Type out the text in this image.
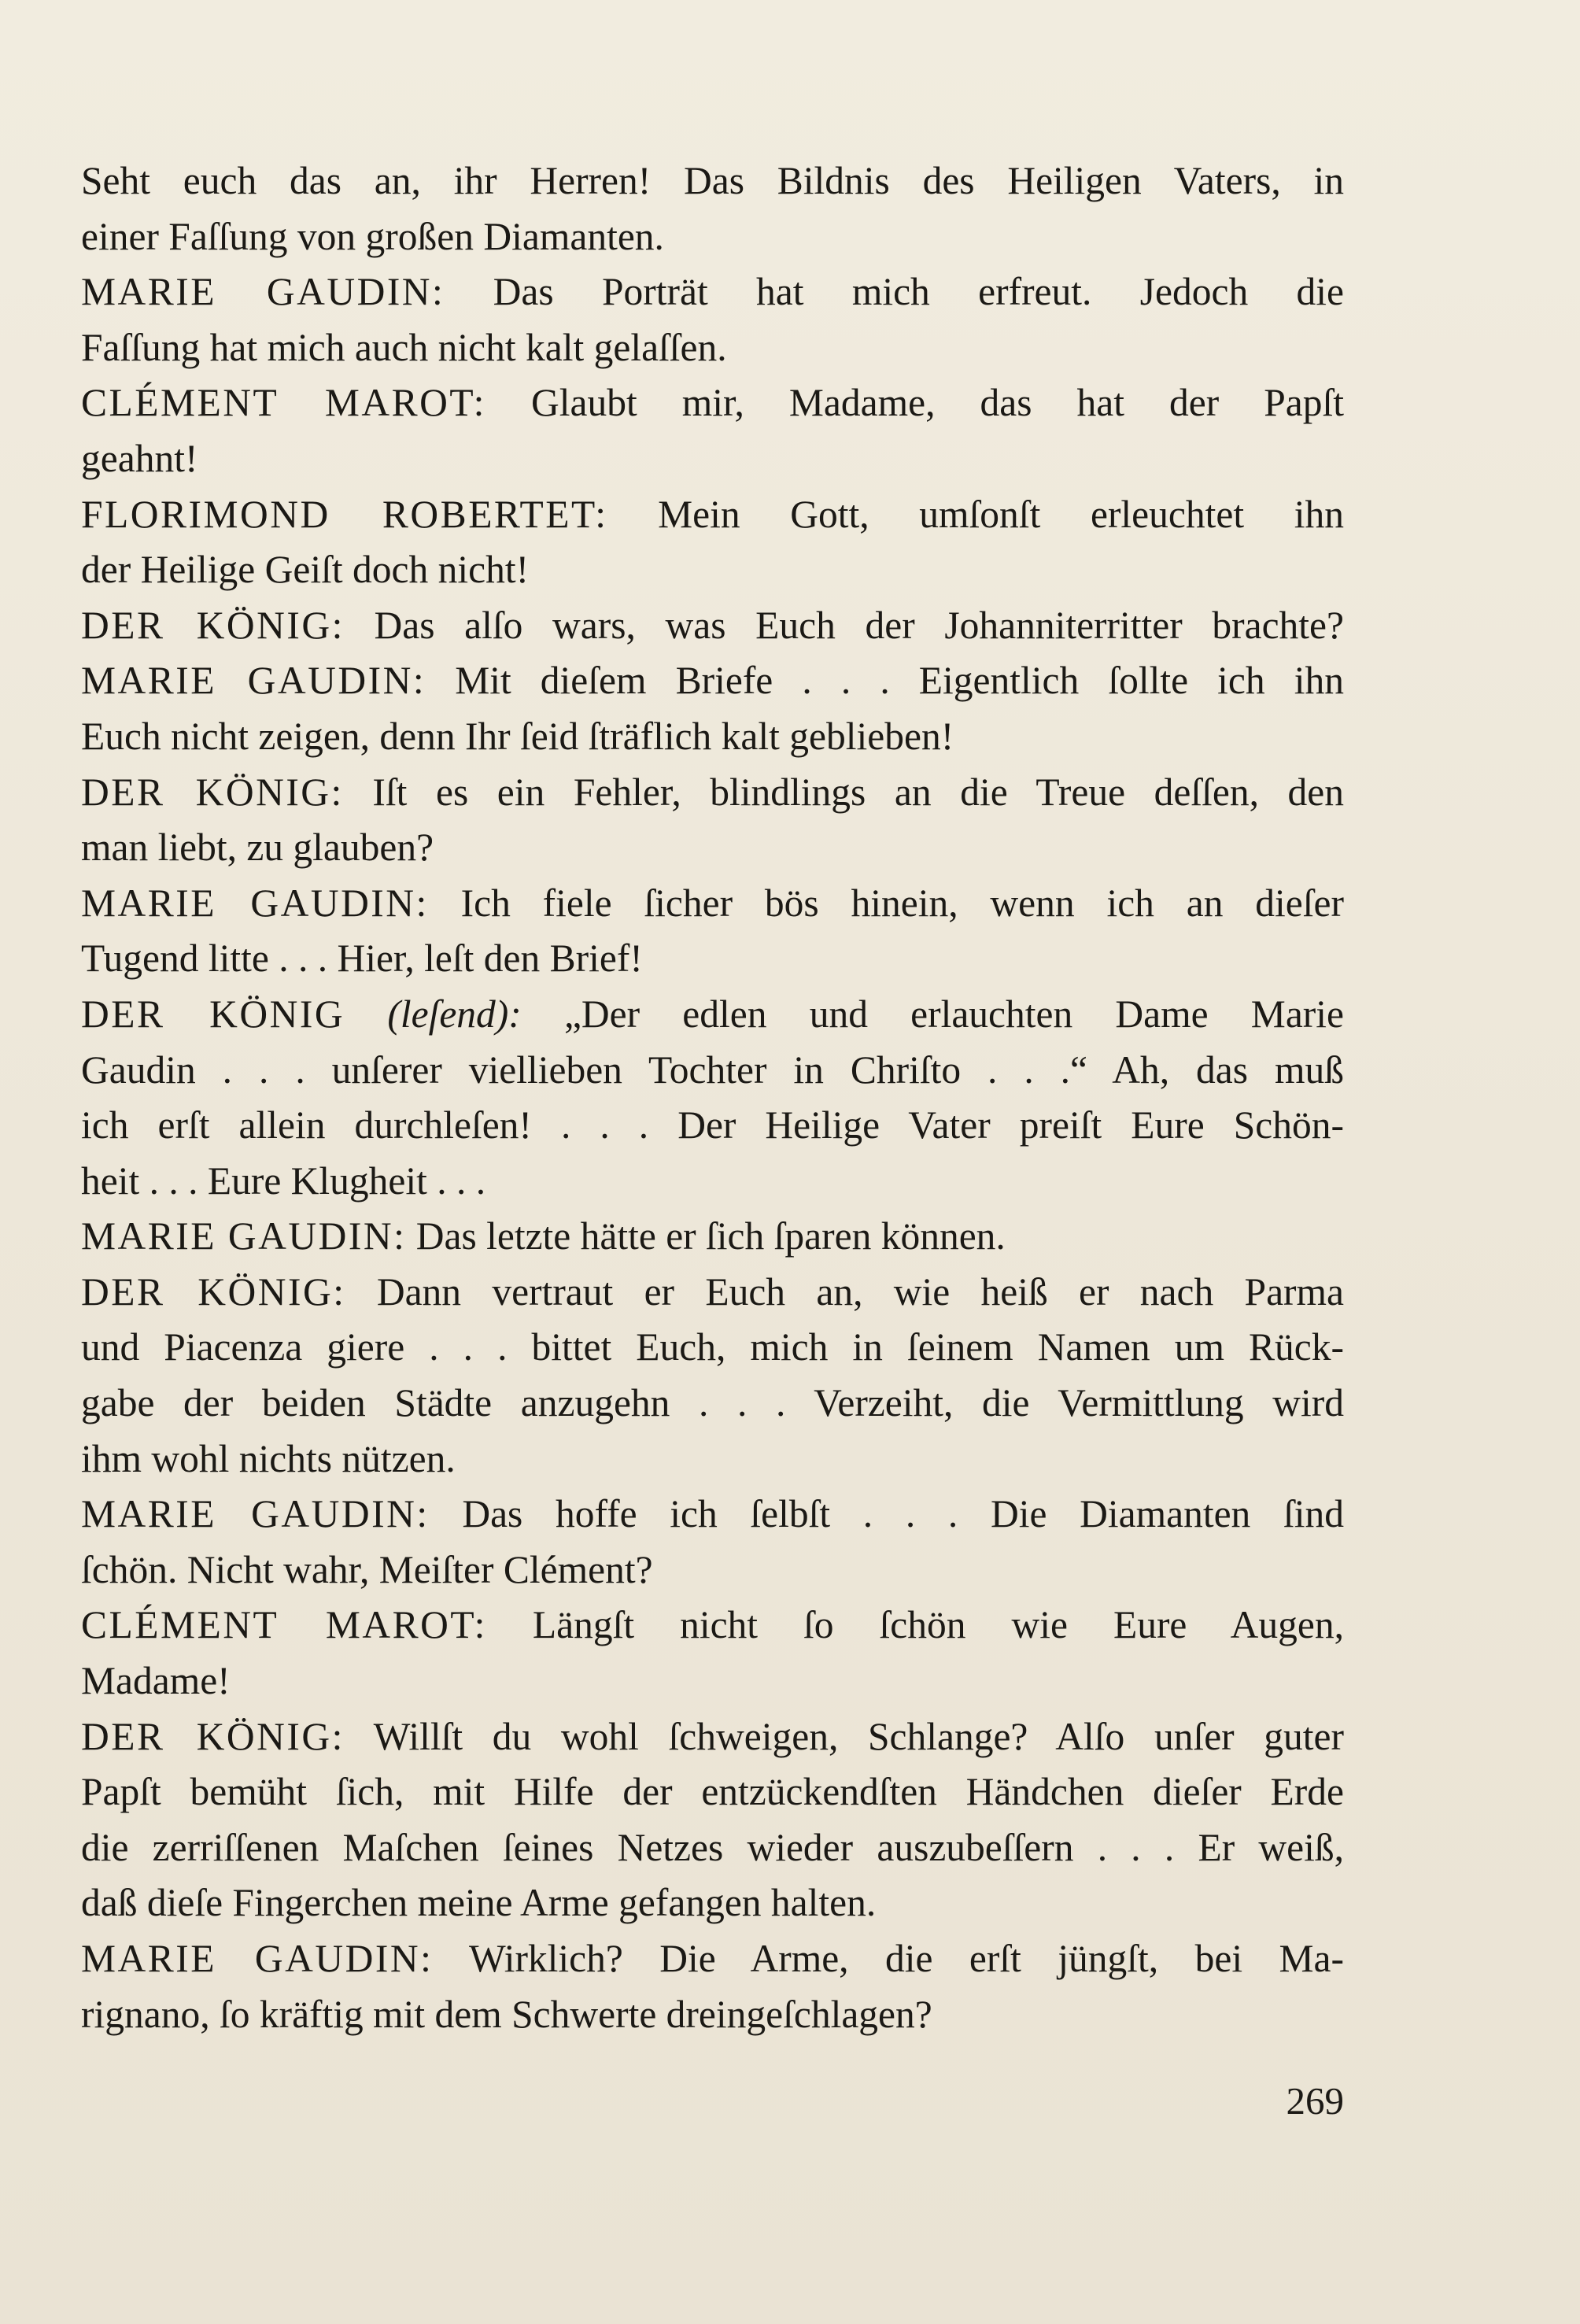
Seht euch das an, ihr Herren! Das Bildnis des Heiligen Vaters, in
einer Faſſung von großen Diamanten.
MARIE GAUDIN: Das Porträt hat mich erfreut. Jedoch die
Faſſung hat mich auch nicht kalt gelaſſen.
CLÉMENT MAROT: Glaubt mir, Madame, das hat der Papſt
geahnt!
FLORIMOND ROBERTET: Mein Gott, umſonſt erleuchtet ihn
der Heilige Geiſt doch nicht!
DER KÖNIG: Das alſo wars, was Euch der Johanniterritter brachte?
MARIE GAUDIN: Mit dieſem Briefe . . . Eigentlich ſollte ich ihn
Euch nicht zeigen, denn Ihr ſeid ſträflich kalt geblieben!
DER KÖNIG: Iſt es ein Fehler, blindlings an die Treue deſſen, den
man liebt, zu glauben?
MARIE GAUDIN: Ich fiele ſicher bös hinein, wenn ich an dieſer
Tugend litte . . . Hier, leſt den Brief!
DER KÖNIG (leſend): „Der edlen und erlauchten Dame Marie
Gaudin . . . unſerer viellieben Tochter in Chriſto . . .“ Ah, das muß
ich erſt allein durchleſen! . . . Der Heilige Vater preiſt Eure Schön-
heit . . . Eure Klugheit . . .
MARIE GAUDIN: Das letzte hätte er ſich ſparen können.
DER KÖNIG: Dann vertraut er Euch an, wie heiß er nach Parma
und Piacenza giere . . . bittet Euch, mich in ſeinem Namen um Rück-
gabe der beiden Städte anzugehn . . . Verzeiht, die Vermittlung wird
ihm wohl nichts nützen.
MARIE GAUDIN: Das hoffe ich ſelbſt . . . Die Diamanten ſind
ſchön. Nicht wahr, Meiſter Clément?
CLÉMENT MAROT: Längſt nicht ſo ſchön wie Eure Augen,
Madame!
DER KÖNIG: Willſt du wohl ſchweigen, Schlange? Alſo unſer guter
Papſt bemüht ſich, mit Hilfe der entzückendſten Händchen dieſer Erde
die zerriſſenen Maſchen ſeines Netzes wieder auszubeſſern . . . Er weiß,
daß dieſe Fingerchen meine Arme gefangen halten.
MARIE GAUDIN: Wirklich? Die Arme, die erſt jüngſt, bei Ma-
rignano, ſo kräftig mit dem Schwerte dreingeſchlagen?
269
